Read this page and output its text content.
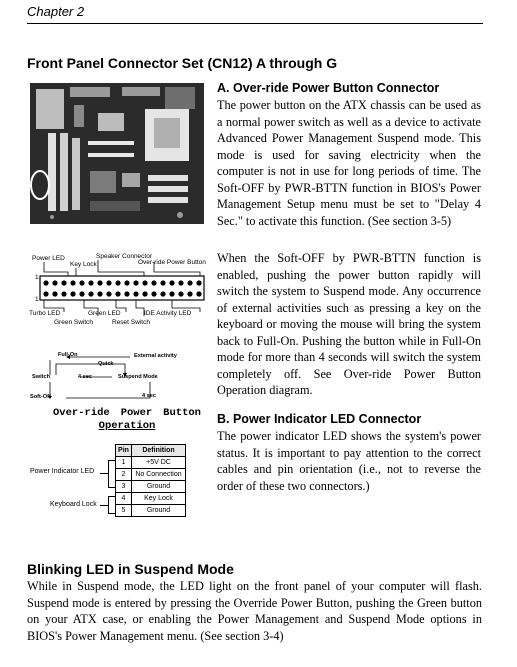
Chapter 2
Front Panel Connector Set (CN12) A through G
A. Over-ride Power Button Connector

The power button on the ATX chassis can be used as a normal power switch as well as a device to activate Advanced Power Management Suspend mode. This mode is used for saving electricity when the computer is not in use for long periods of time. The Soft-OFF by PWR-BTTN function in BIOS's Power Management Setup menu must be set to "Delay 4 Sec." to activate this function. (See section 3-5)

When the Soft-OFF by PWR-BTTN function is enabled, pushing the power button rapidly will switch the system to Suspend mode. Any occurrence of external activities such as pressing a key on the keyboard or moving the mouse will bring the system back to Full-On. Pushing the button while in Full-On mode for more than 4 seconds will switch the system completely off. See Over-ride Power Button Operation diagram.

Power LED
Key Lock
Speaker Connector
Over-ride Power Button
Turbo LED
Green Switch
Green LED
Reset Switch
IDE Activity LED
1
1
Full-On	External activity
Quick
Switch	4 sec	Suspend Mode
Soft-Off	4 sec
Over-ride Power Button
Operation	B. Power Indicator LED Connector

The power indicator LED shows the system's power status. It is important to pay attention to the correct cables and pin orientation (i.e., not to reverse the order of these two connectors.)

Pin	Definition
1	+5V DC
2	No Connection
3	Ground
4	Key Lock
5	Ground
Power Indicator LED
Keyboard Lock
Blinking LED in Suspend Mode

While in Suspend mode, the LED light on the front panel of your computer will flash. Suspend mode is entered by pressing the Override Power Button, pushing the Green button on your ATX case, or enabling the Power Management and Suspend Mode options in BIOS's Power Management menu. (See section 3-4)
